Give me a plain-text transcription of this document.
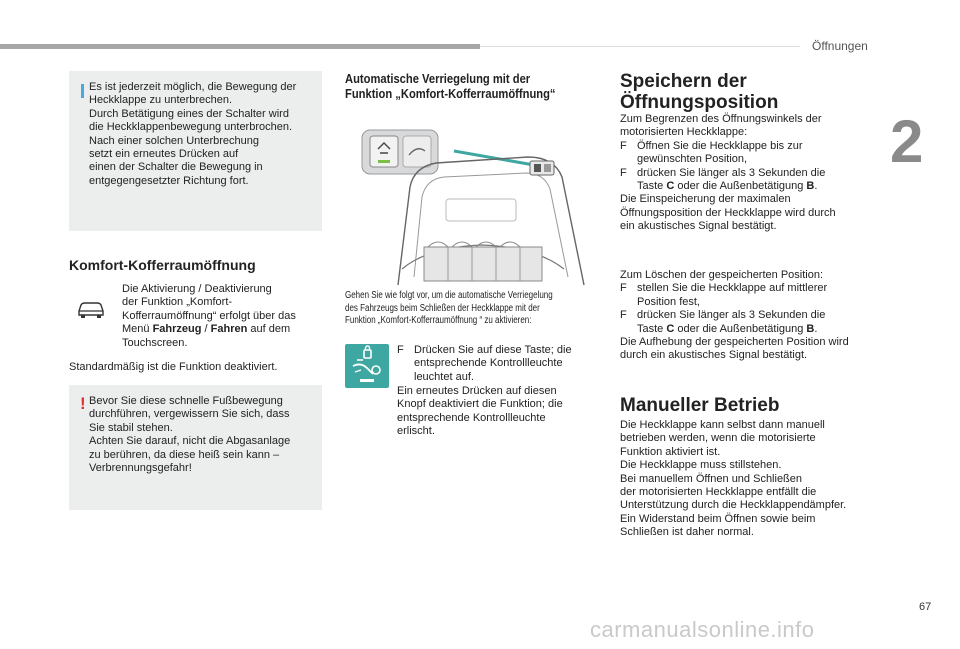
Öffnungen
2

Es ist jederzeit möglich, die Bewegung der
Heckklappe zu unterbrechen.
Durch Betätigung eines der Schalter wird
die Heckklappenbewegung unterbrochen.
Nach einer solchen Unterbrechung
setzt ein erneutes Drücken auf
einen der Schalter die Bewegung in
entgegengesetzter Richtung fort.

Komfort-Kofferraumöffnung

Die Aktivierung / Deaktivierung
der Funktion „Komfort-
Kofferraumöffnung“ erfolgt über das
Menü Fahrzeug / Fahren auf dem
Touchscreen.

Standardmäßig ist die Funktion deaktiviert.

! Bevor Sie diese schnelle Fußbewegung
durchführen, vergewissern Sie sich, dass
Sie stabil stehen.
Achten Sie darauf, nicht die Abgasanlage
zu berühren, da diese heiß sein kann –
Verbrennungsgefahr!

Automatische Verriegelung mit der
Funktion „Komfort-Kofferraumöffnung“
Gehen Sie wie folgt vor, um die automatische Verriegelung
des Fahrzeugs beim Schließen der Heckklappe mit der
Funktion „Komfort-Kofferraumöffnung “ zu aktivieren:
F Drücken Sie auf diese Taste; die
entsprechende Kontrollleuchte
leuchtet auf.

Ein erneutes Drücken auf diesen
Knopf deaktiviert die Funktion; die
entsprechende Kontrollleuchte
erlischt.

Speichern der
Öffnungsposition
Zum Begrenzen des Öffnungswinkels der
motorisierten Heckklappe:
F Öffnen Sie die Heckklappe bis zur
gewünschten Position,
F drücken Sie länger als 3 Sekunden die
Taste C oder die Außenbetätigung B.
Die Einspeicherung der maximalen
Öffnungsposition der Heckklappe wird durch
ein akustisches Signal bestätigt.
Zum Löschen der gespeicherten Position:
F stellen Sie die Heckklappe auf mittlerer
Position fest,
F drücken Sie länger als 3 Sekunden die
Taste C oder die Außenbetätigung B.
Die Aufhebung der gespeicherten Position wird
durch ein akustisches Signal bestätigt.
Manueller Betrieb

Die Heckklappe kann selbst dann manuell
betrieben werden, wenn die motorisierte
Funktion aktiviert ist.
Die Heckklappe muss stillstehen.
Bei manuellem Öffnen und Schließen
der motorisierten Heckklappe entfällt die
Unterstützung durch die Heckklappendämpfer.
Ein Widerstand beim Öffnen sowie beim
Schließen ist daher normal.

67
carmanualsonline.info
